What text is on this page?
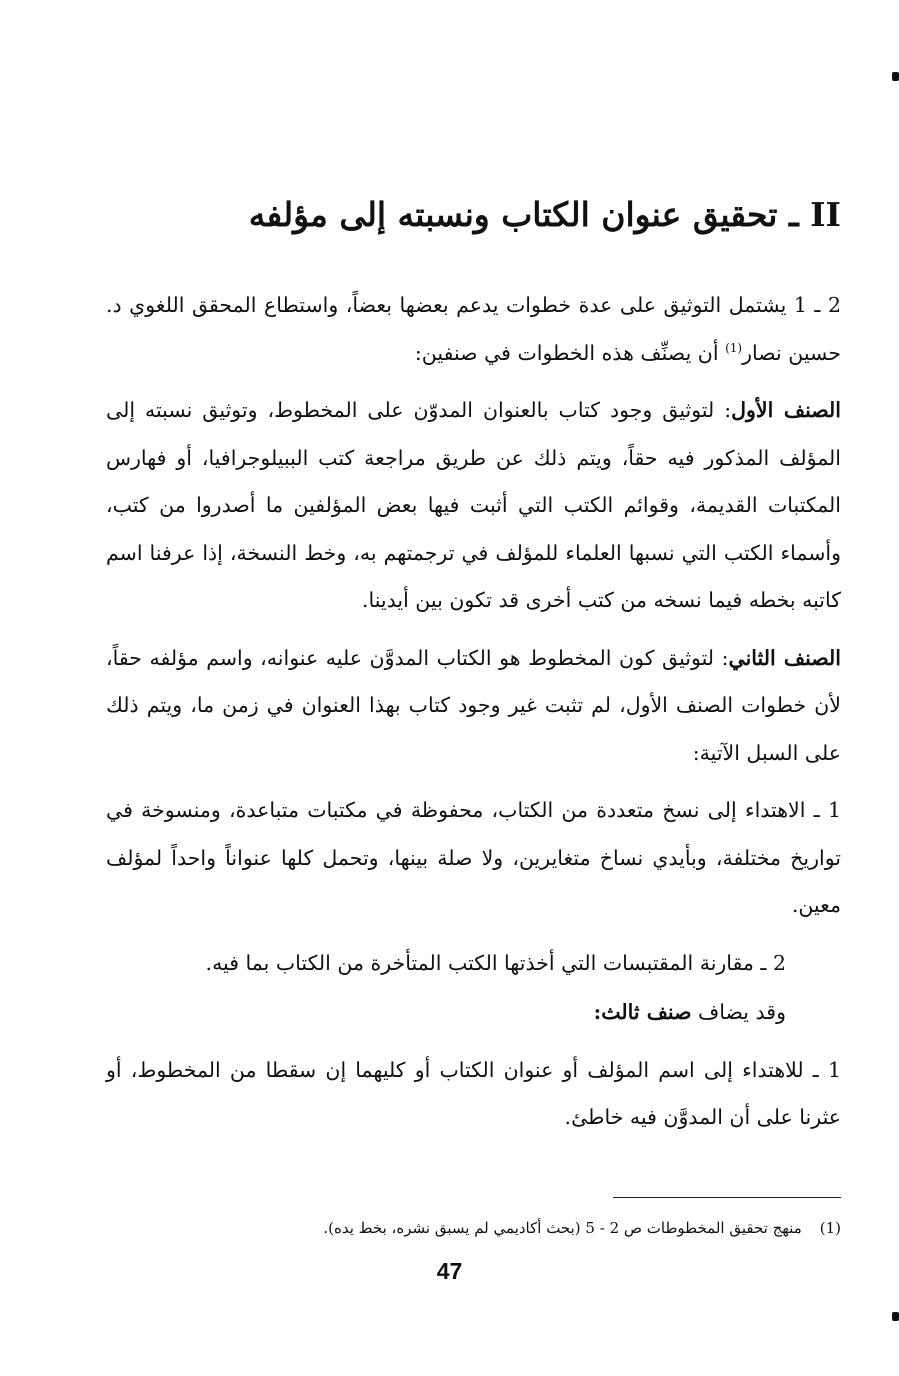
II ـ تحقيق عنوان الكتاب ونسبته إلى مؤلفه

2 ـ 1 يشتمل التوثيق على عدة خطوات يدعم بعضها بعضاً، واستطاع المحقق اللغوي د. حسين نصار$^{(1)}$ أن يصنِّف هذه الخطوات في صنفين:

الصنف الأول: لتوثيق وجود كتاب بالعنوان المدوّن على المخطوط، وتوثيق نسبته إلى المؤلف المذكور فيه حقاً، ويتم ذلك عن طريق مراجعة كتب الببيلوجرافيا، أو فهارس المكتبات القديمة، وقوائم الكتب التي أثبت فيها بعض المؤلفين ما أصدروا من كتب، وأسماء الكتب التي نسبها العلماء للمؤلف في ترجمتهم به، وخط النسخة، إذا عرفنا اسم كاتبه بخطه فيما نسخه من كتب أخرى قد تكون بين أيدينا.

الصنف الثاني: لتوثيق كون المخطوط هو الكتاب المدوَّن عليه عنوانه، واسم مؤلفه حقاً، لأن خطوات الصنف الأول، لم تثبت غير وجود كتاب بهذا العنوان في زمن ما، ويتم ذلك على السبل الآتية:

1 ـ الاهتداء إلى نسخ متعددة من الكتاب، محفوظة في مكتبات متباعدة، ومنسوخة في تواريخ مختلفة، وبأيدي نساخ متغايرين، ولا صلة بينها، وتحمل كلها عنواناً واحداً لمؤلف معين.

2 ـ مقارنة المقتبسات التي أخذتها الكتب المتأخرة من الكتاب بما فيه.

وقد يضاف صنف ثالث:

1 ـ للاهتداء إلى اسم المؤلف أو عنوان الكتاب أو كليهما إن سقطا من المخطوط، أو عثرنا على أن المدوَّن فيه خاطئ.

(1)منهج تحقيق المخطوطات ص 2 - 5 (بحث أكاديمي لم يسبق نشره، بخط يده).
47
